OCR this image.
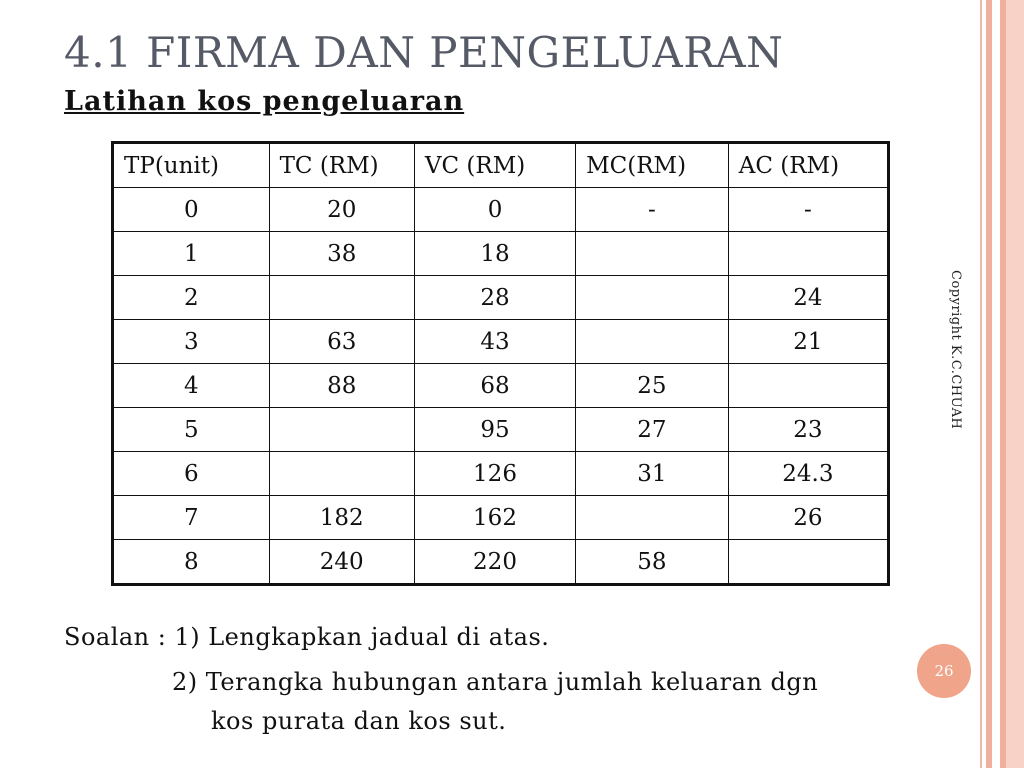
4.1 FIRMA DAN PENGELUARAN
Latihan kos pengeluaran
TP(unit)	TC (RM)	VC (RM)	MC(RM)	AC (RM)
0	20	0	-	-
1	38	18		
2		28		24
3	63	43		21
4	88	68	25	
5		95	27	23
6		126	31	24.3
7	182	162		26
8	240	220	58	
Copyright K.C.CHUAH
26
Soalan : 1) Lengkapkan jadual di atas.
2) Terangka hubungan antara jumlah keluaran dgn
kos purata dan kos sut.
